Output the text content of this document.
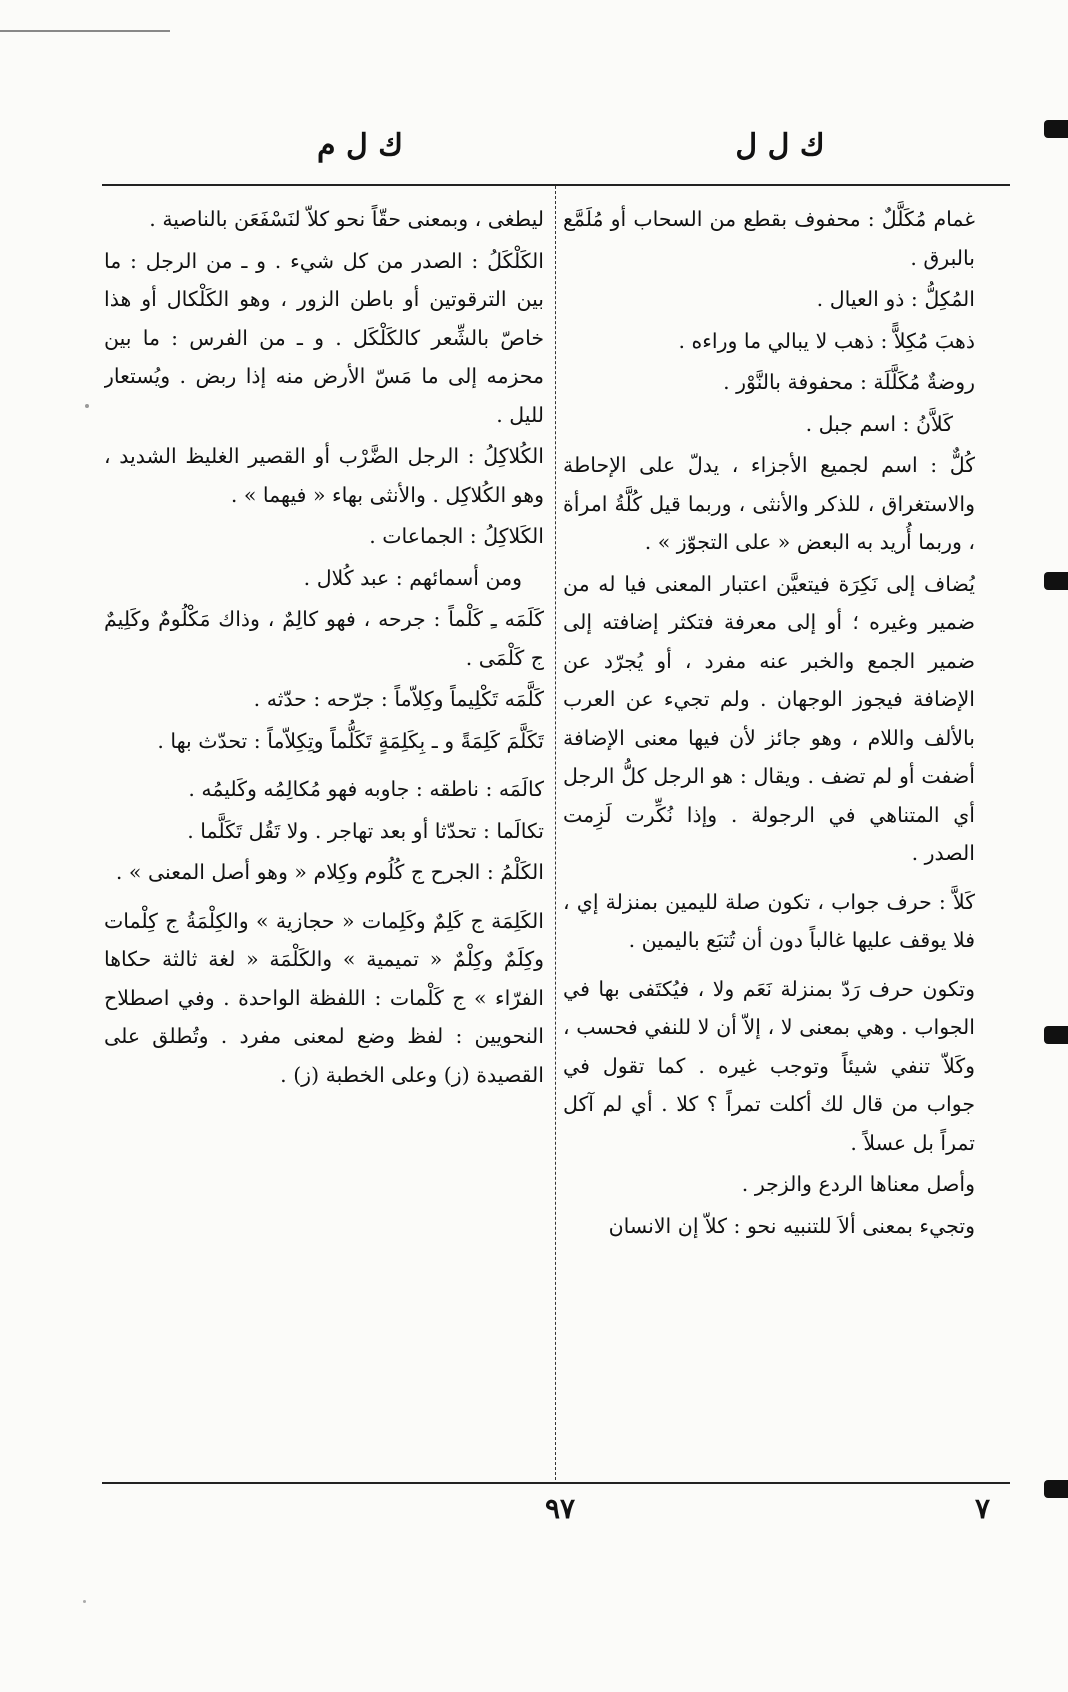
ك ل ل
ك ل م

غمام مُكَلَّلٌ : محفوف بقطع من السحاب أو مُلَمَّع بالبرق .

المُكِلُّ : ذو العيال .

ذهبَ مُكِلاًّ : ذهب لا يبالي ما وراءه .

روضةٌ مُكَلَّلَة : محفوفة بالنَّوْر .

كَلاَّنُ : اسم جبل .

كُلٌّ : اسم لجميع الأجزاء ، يدلّ على الإحاطة والاستغراق ، للذكر والأنثى ، وربما قيل كُلَّةُ امرأة ، وربما أُريد به البعض « على التجوّز » .

يُضاف إلى نَكِرَة فيتعيَّن اعتبار المعنى فيا له من ضمير وغيره ؛ أو إلى معرفة فتكثر إضافته إلى ضمير الجمع والخبر عنه مفرد ، أو يُجرّد عن الإضافة فيجوز الوجهان . ولم تجيء عن العرب بالألف واللام ، وهو جائز لأن فيها معنى الإضافة أضفت أو لم تضف . ويقال : هو الرجل كلُّ الرجل أي المتناهي في الرجولة . وإذا نُكِّرت لَزِمت الصدر .

كَلاَّ : حرف جواب ، تكون صلة لليمين بمنزلة إي ، فلا يوقف عليها غالباً دون أن تُتبَع باليمين .

وتكون حرف رَدّ بمنزلة نَعَم ولا ، فيُكتَفى بها في الجواب . وهي بمعنى لا ، إلاّ أن لا للنفي فحسب ، وكَلاّ تنفي شيئاً وتوجب غيره . كما تقول في جواب من قال لك أكلت تمراً ؟ كلا . أي لم آكل تمراً بل عسلاً .

وأصل معناها الردع والزجر .

وتجيء بمعنى ألاَ للتنبيه نحو : كلاّ إن الانسان

ليطغى ، وبمعنى حقّاً نحو كلاّ لنَسْفَعَن بالناصية .

الكَلْكَلُ : الصدر من كل شيء . و ـ من الرجل : ما بين الترقوتين أو باطن الزور ، وهو الكَلْكال أو هذا خاصّ بالشِّعر كالكَلْكَل . و ـ من الفرس : ما بين محزمه إلى ما مَسّ الأرض منه إذا ربض . ويُستعار لليل .

الكُلاكِلُ : الرجل الضَّرْب أو القصير الغليظ الشديد ، وهو الكُلاكِل . والأنثى بهاء « فيهما » .

الكَلاكِلُ : الجماعات .

ومن أسمائهم : عبد كُلال .

كَلَمَه ـِ كَلْماً : جرحه ، فهو كالِمٌ ، وذاك مَكْلُومٌ وكَلِيمٌ ج كَلْمَى .

كَلَّمَه تَكْلِيماً وكِلاّماً : جرّحه : حدّثه .

تَكَلَّمَ كَلِمَةً و ـ بِكَلِمَةٍ تَكَلُّماً وتِكِلاّماً : تحدّث بها .

كالَمَه : ناطقه : جاوبه فهو مُكالِمُه وكَليمُه .

تكالَما : تحدّثا أو بعد تهاجر . ولا تَقُل تَكَلَّما .

الكَلْمُ : الجرح ج كُلُوم وكِلام « وهو أصل المعنى » .

الكَلِمَة ج كَلِمٌ وكَلِمات « حجازية » والكِلْمَةُ ج كِلْمات وكِلَمٌ وكِلْمٌ « تميمية » والكَلْمَة « لغة ثالثة حكاها الفرّاء » ج كَلْمات : اللفظة الواحدة . وفي اصطلاح النحويين : لفظ وضع لمعنى مفرد . وتُطلق على القصيدة (ز) وعلى الخطبة (ز) .

٩٧	٧
